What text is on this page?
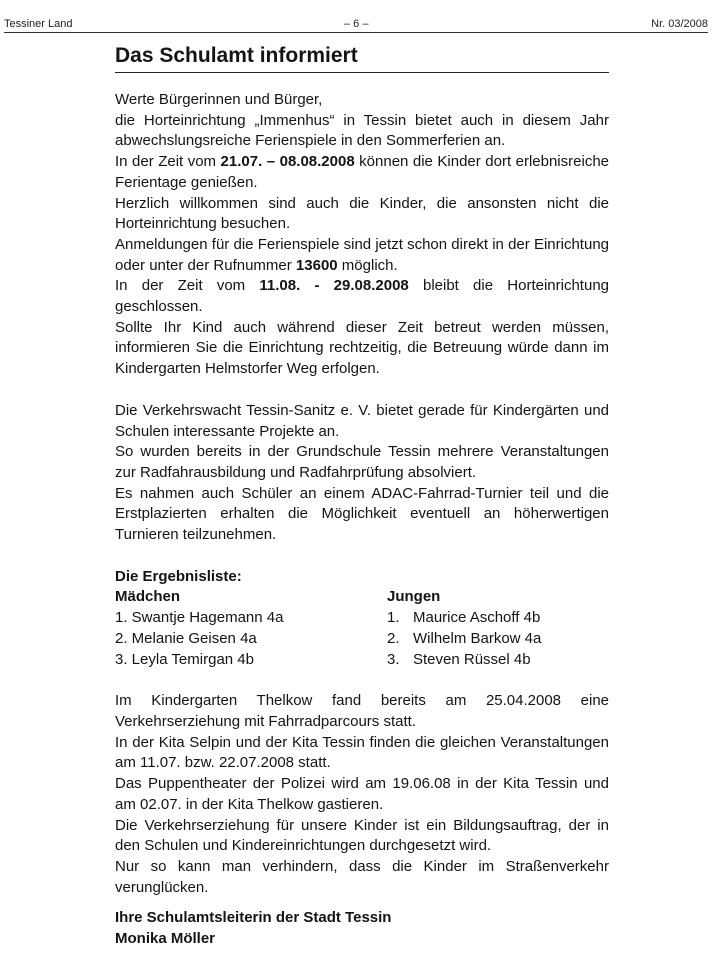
Tessiner Land	– 6 –	Nr. 03/2008
Das Schulamt informiert

Werte Bürgerinnen und Bürger,

die Horteinrichtung „Immenhus“ in Tessin bietet auch in diesem Jahr abwechslungsreiche Ferienspiele in den Sommerferien an.

In der Zeit vom 21.07. – 08.08.2008 können die Kinder dort erlebnisreiche Ferientage genießen.

Herzlich willkommen sind auch die Kinder, die ansonsten nicht die Horteinrichtung besuchen.

Anmeldungen für die Ferienspiele sind jetzt schon direkt in der Einrichtung oder unter der Rufnummer 13600 möglich.

In der Zeit vom 11.08. - 29.08.2008 bleibt die Horteinrichtung geschlossen.

Sollte Ihr Kind auch während dieser Zeit betreut werden müssen, informieren Sie die Einrichtung rechtzeitig, die Betreuung würde dann im Kindergarten Helmstorfer Weg erfolgen.

Die Verkehrswacht Tessin-Sanitz e. V. bietet gerade für Kindergärten und Schulen interessante Projekte an.

So wurden bereits in der Grundschule Tessin mehrere Veranstaltungen zur Radfahrausbildung und Radfahrprüfung absolviert.

Es nahmen auch Schüler an einem ADAC-Fahrrad-Turnier teil und die Erstplazierten erhalten die Möglichkeit eventuell an höherwertigen Turnieren teilzunehmen.

Die Ergebnisliste:

Mädchen
1. Swantje Hagemann 4a
2. Melanie Geisen 4a
3. Leyla Temirgan 4b
Jungen
1. Maurice Aschoff 4b
2. Wilhelm Barkow 4a
3. Steven Rüssel 4b

Im Kindergarten Thelkow fand bereits am 25.04.2008 eine Verkehrserziehung mit Fahrradparcours statt.

In der Kita Selpin und der Kita Tessin finden die gleichen Veranstaltungen am 11.07. bzw. 22.07.2008 statt.

Das Puppentheater der Polizei wird am 19.06.08 in der Kita Tessin und am 02.07. in der Kita Thelkow gastieren.

Die Verkehrserziehung für unsere Kinder ist ein Bildungsauftrag, der in den Schulen und Kindereinrichtungen durchgesetzt wird.

Nur so kann man verhindern, dass die Kinder im Straßenverkehr verunglücken.

Ihre Schulamtsleiterin der Stadt Tessin

Monika Möller
